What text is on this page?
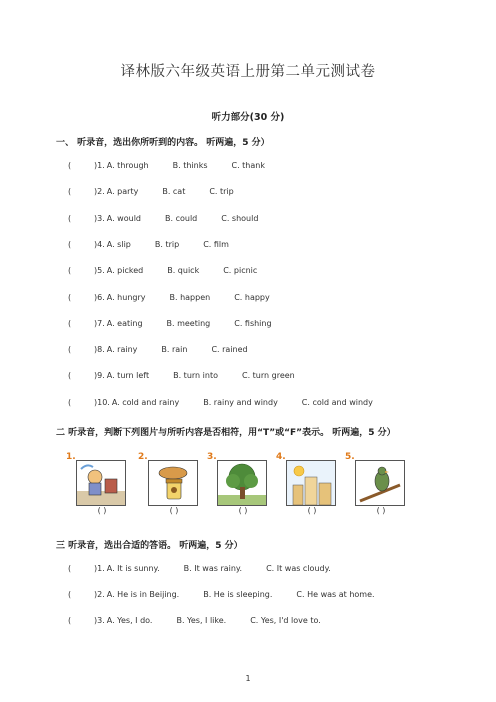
译林版六年级英语上册第二单元测试卷
听力部分(30 分)
一、 听录音，选出你所听到的内容。 听两遍，5 分）
(	)1. A. through	B. thinks	C. thank
(	)2. A. party	B. cat	C. trip
(	)3. A. would	B. could	C. should
(	)4. A. slip	B. trip	C. film
(	)5. A. picked	B. quick	C. picnic
(	)6. A. hungry	B. happen	C. happy
(	)7. A. eating	B. meeting	C. fishing
(	)8. A. rainy	B. rain	C. rained
(	)9. A. turn left	B. turn into	C. turn green
(	)10. A. cold and rainy	B. rainy and windy	C. cold and windy
二 听录音，判断下列图片与所听内容是否相符，用“T”或“F”表示。 听两遍，5 分）
1.
( )
2.
( )
3.
( )
4.
( )
5.
( )
三 听录音，选出合适的答语。 听两遍，5 分）
(	)1. A. It is sunny.	B. It was rainy.	C. It was cloudy.
(	)2. A. He is in Beijing.	B. He is sleeping.	C. He was at home.
(	)3. A. Yes, I do.	B. Yes, I like.	C. Yes, I'd love to.
1
